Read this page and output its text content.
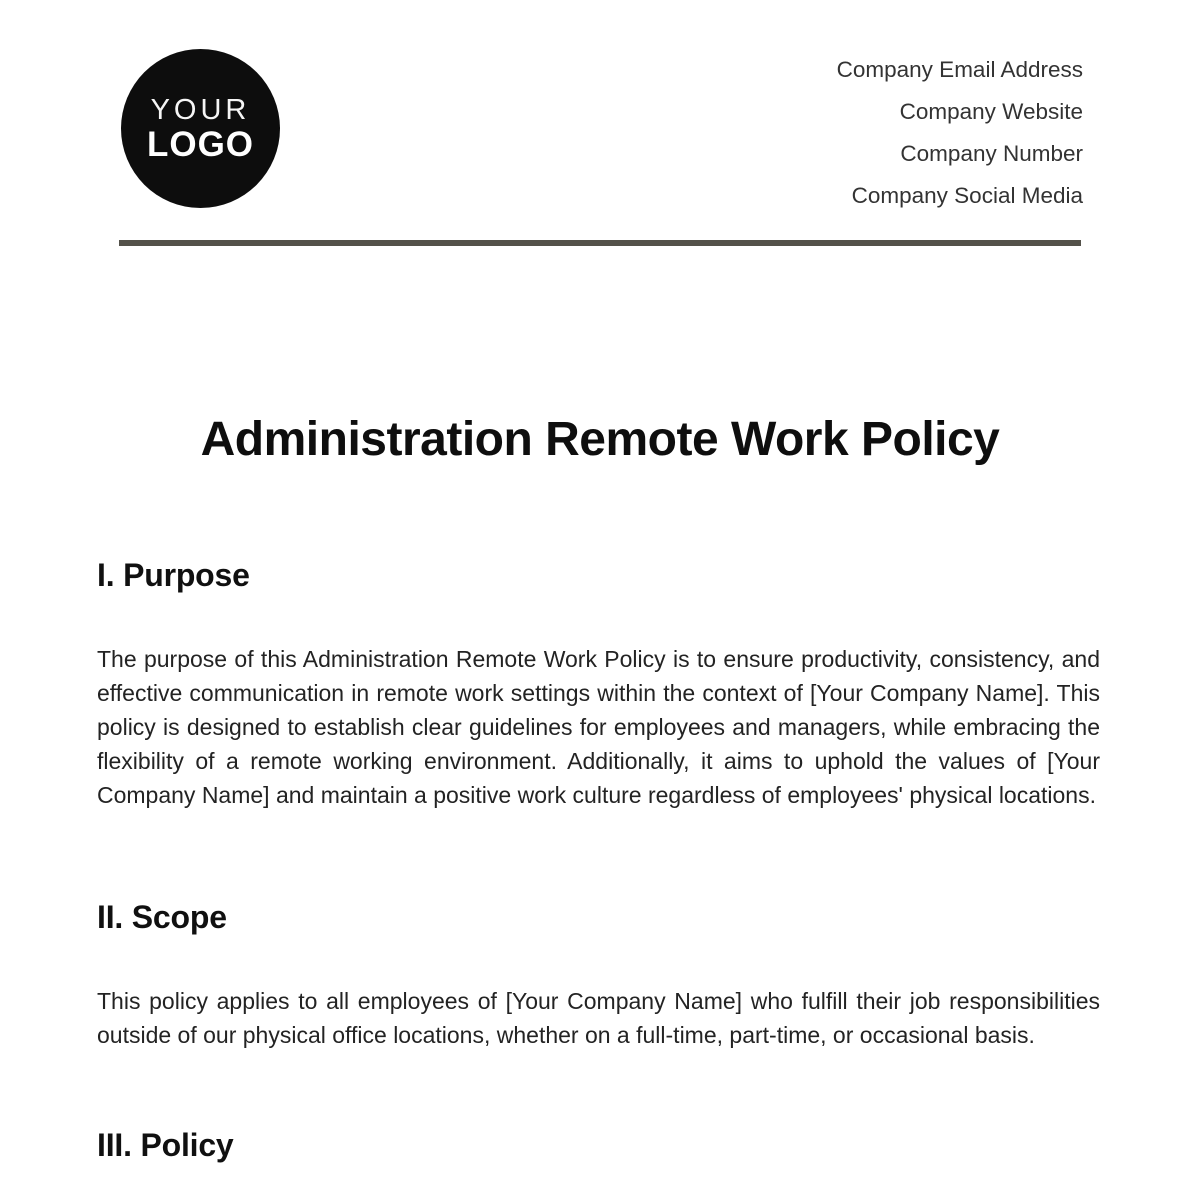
YOUR
LOGO
Company Email Address
Company Website
Company Number
Company Social Media
Administration Remote Work Policy
I. Purpose

The purpose of this Administration Remote Work Policy is to ensure productivity, consistency, and effective communication in remote work settings within the context of [Your Company Name]. This policy is designed to establish clear guidelines for employees and managers, while embracing the flexibility of a remote working environment. Additionally, it aims to uphold the values of [Your Company Name] and maintain a positive work culture regardless of employees' physical locations.

II. Scope

This policy applies to all employees of [Your Company Name] who fulfill their job responsibilities outside of our physical office locations, whether on a full-time, part-time, or occasional basis.

III. Policy
